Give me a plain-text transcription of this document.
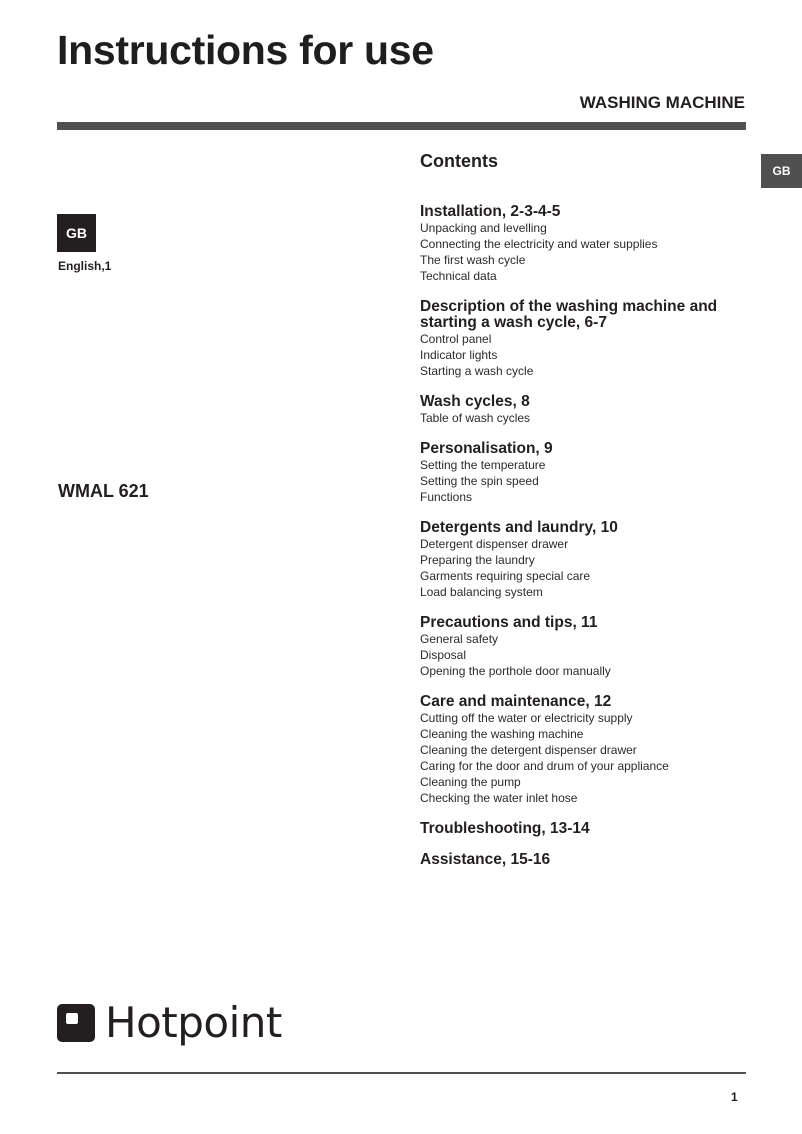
Instructions for use
WASHING MACHINE
GB
GB
English,1
WMAL 621
Contents
Installation, 2-3-4-5
Unpacking and levelling
Connecting the electricity and water supplies
The first wash cycle
Technical data
Description of the washing machine and starting a wash cycle, 6-7
Control panel
Indicator lights
Starting a wash cycle
Wash cycles, 8
Table of wash cycles
Personalisation, 9
Setting the temperature
Setting the spin speed
Functions
Detergents and laundry, 10
Detergent dispenser drawer
Preparing the laundry
Garments requiring special care
Load balancing system
Precautions and tips, 11
General safety
Disposal
Opening the porthole door manually
Care and maintenance, 12
Cutting off the water or electricity supply
Cleaning the washing machine
Cleaning the detergent dispenser drawer
Caring for the door and drum of your appliance
Cleaning the pump
Checking the water inlet hose
Troubleshooting, 13-14
Assistance, 15-16
Hotpoint
1
